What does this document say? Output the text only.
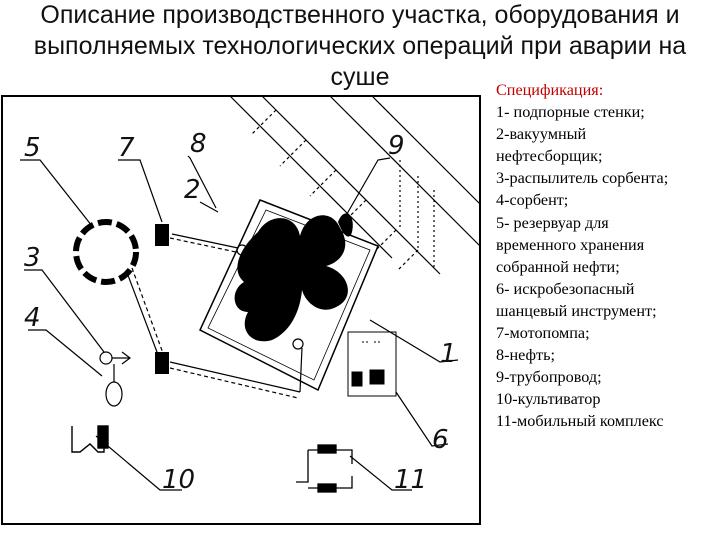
Описание производственного участка, оборудования и
выполняемых технологических операций при аварии на
суше
5	7 8	9
2
3
4
1
6
10	11
Спецификация:
1- подпорные стенки;
2-вакуумный
нефтесборщик;
3-распылитель сорбента;
4-сорбент;
5- резервуар для
временного хранения
собранной нефти;
6- искробезопасный
шанцевый инструмент;
7-мотопомпа;
8-нефть;
9-трубопровод;
10-культиватор
11-мобильный комплекс
